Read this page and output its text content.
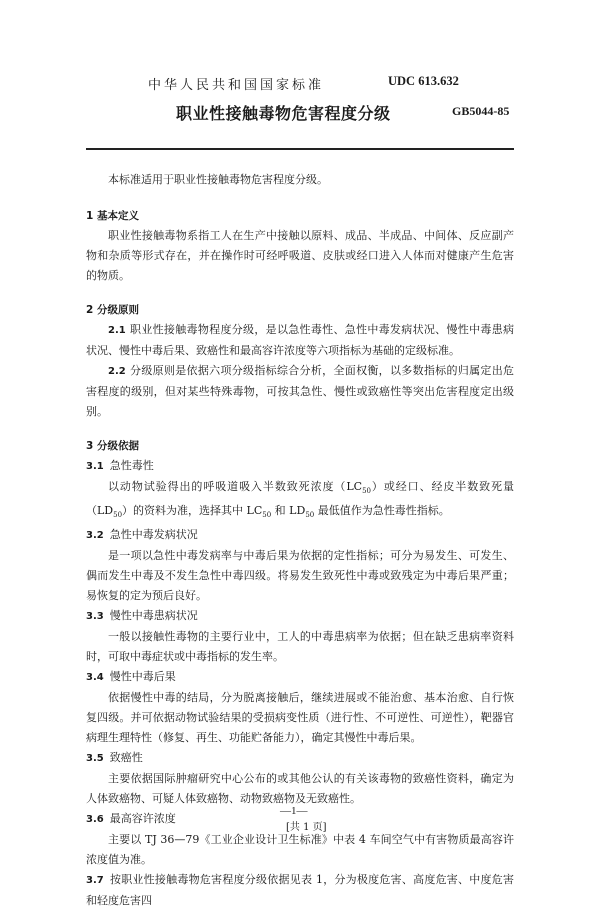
中华人民共和国国家标准	UDC 613.632
职业性接触毒物危害程度分级	GB5044-85

本标准适用于职业性接触毒物危害程度分级。

1 基本定义

职业性接触毒物系指工人在生产中接触以原料、成品、半成品、中间体、反应副产物和杂质等形式存在，并在操作时可经呼吸道、皮肤或经口进入人体而对健康产生危害的物质。

2 分级原则

2.1 职业性接触毒物程度分级，是以急性毒性、急性中毒发病状况、慢性中毒患病状况、慢性中毒后果、致癌性和最高容许浓度等六项指标为基础的定级标准。

2.2 分级原则是依据六项分级指标综合分析，全面权衡，以多数指标的归属定出危害程度的级别，但对某些特殊毒物，可按其急性、慢性或致癌性等突出危害程度定出级别。

3 分级依据

3.1 急性毒性

以动物试验得出的呼吸道吸入半数致死浓度$(LC_{50})$或经口、经皮半数致死量$(LD_{50})$的资料为准，选择其中 $LC_{50}$ 和 $LD_{50}$ 最低值作为急性毒性指标。

3.2 急性中毒发病状况

是一项以急性中毒发病率与中毒后果为依据的定性指标；可分为易发生、可发生、偶而发生中毒及不发生急性中毒四级。将易发生致死性中毒或致残定为中毒后果严重；易恢复的定为预后良好。

3.3 慢性中毒患病状况

一般以接触性毒物的主要行业中，工人的中毒患病率为依据；但在缺乏患病率资料时，可取中毒症状或中毒指标的发生率。

3.4 慢性中毒后果

依据慢性中毒的结局，分为脱离接触后，继续进展或不能治愈、基本治愈、自行恢复四级。并可依据动物试验结果的受损病变性质（进行性、不可逆性、可逆性），靶器官病理生理特性（修复、再生、功能贮备能力），确定其慢性中毒后果。

3.5 致癌性

主要依据国际肿瘤研究中心公布的或其他公认的有关该毒物的致癌性资料，确定为人体致癌物、可疑人体致癌物、动物致癌物及无致癌性。

3.6 最高容许浓度

主要以 TJ 36—79《工业企业设计卫生标准》中表 4 车间空气中有害物质最高容许浓度值为准。

3.7 按职业性接触毒物危害程度分级依据见表 1，分为极度危害、高度危害、中度危害和轻度危害四

—1—
[共 1 页]
